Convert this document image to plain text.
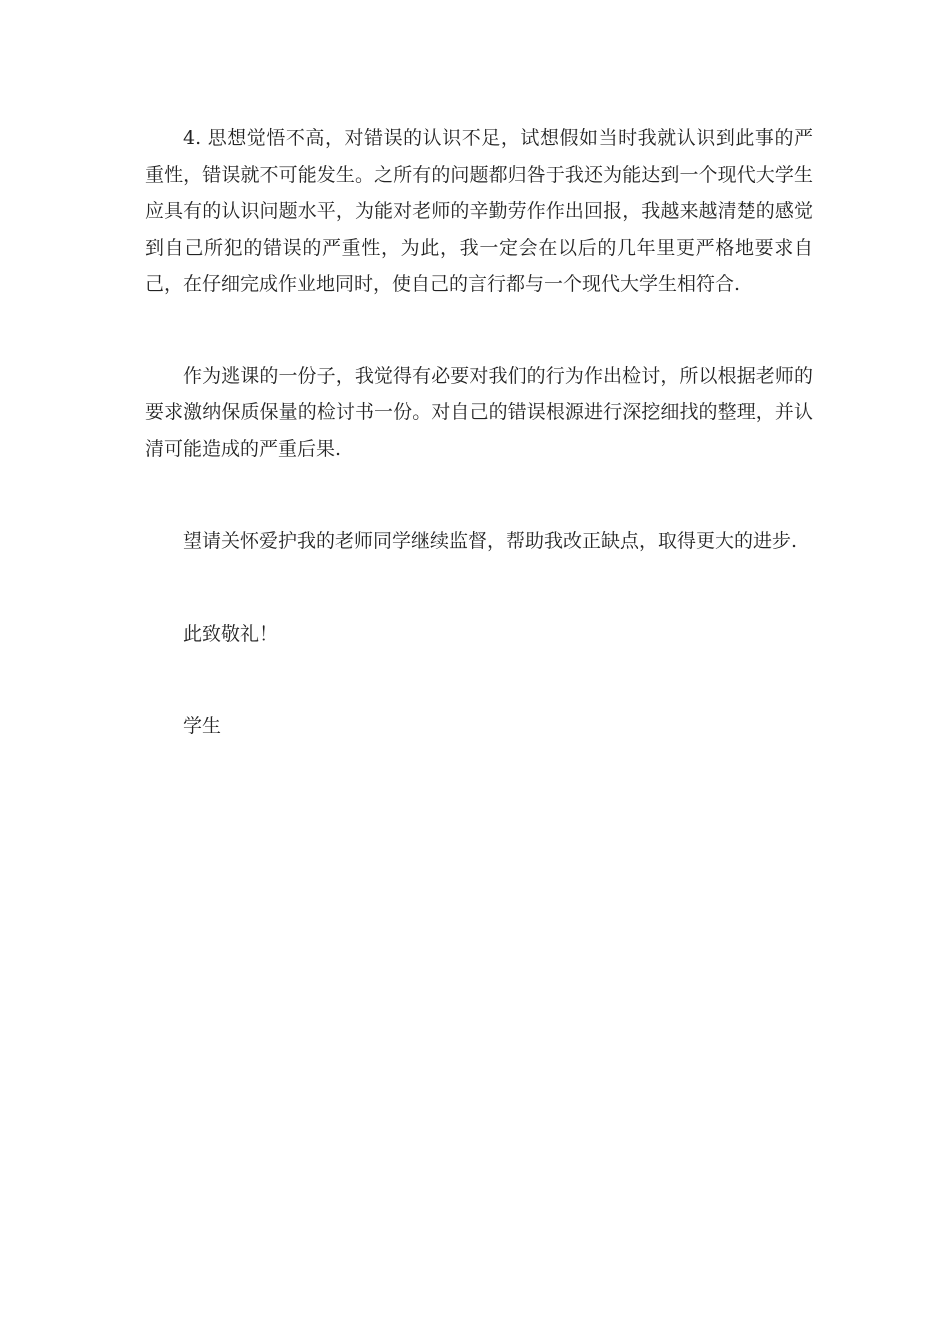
4. 思想觉悟不高，对错误的认识不足，试想假如当时我就认识到此事的严重性，错误就不可能发生。之所有的问题都归咎于我还为能达到一个现代大学生应具有的认识问题水平，为能对老师的辛勤劳作作出回报，我越来越清楚的感觉到自己所犯的错误的严重性，为此，我一定会在以后的几年里更严格地要求自己，在仔细完成作业地同时，使自己的言行都与一个现代大学生相符合.

作为逃课的一份子，我觉得有必要对我们的行为作出检讨，所以根据老师的要求激纳保质保量的检讨书一份。对自己的错误根源进行深挖细找的整理，并认清可能造成的严重后果.

望请关怀爱护我的老师同学继续监督，帮助我改正缺点，取得更大的进步.

此致敬礼！

学生
